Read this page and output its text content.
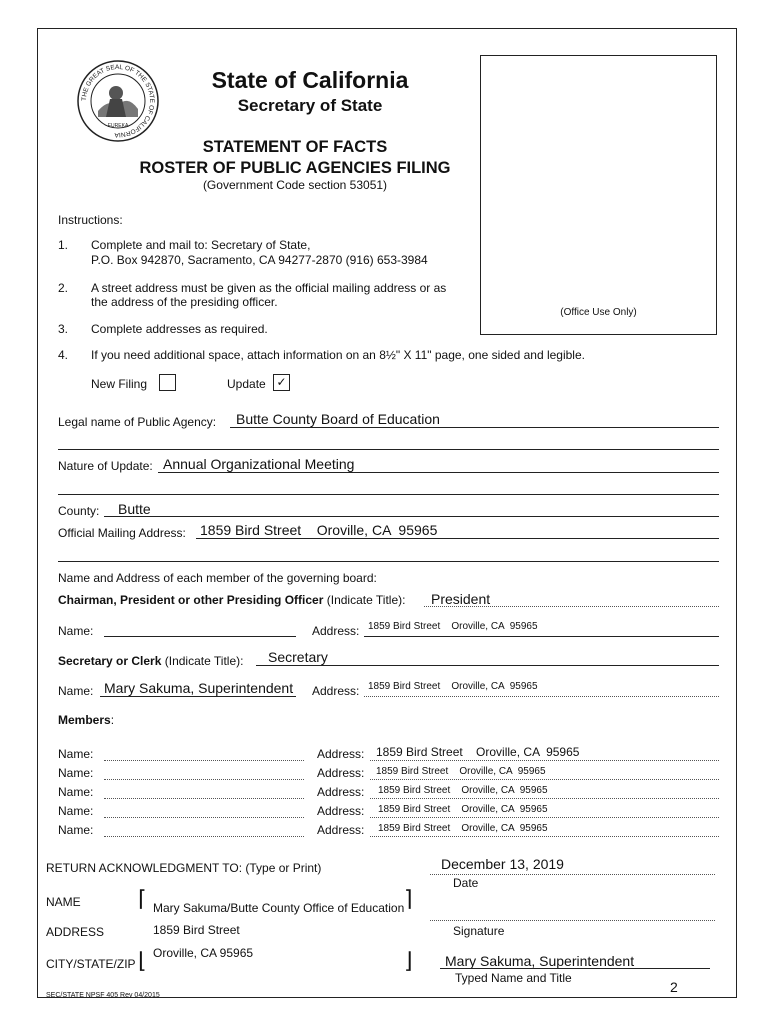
THE GREAT SEAL OF THE STATE OF CALIFORNIA
EUREKA
State of California
Secretary of State
STATEMENT OF FACTS
ROSTER OF PUBLIC AGENCIES FILING
(Government Code section 53051)
(Office Use Only)
Instructions:
1. Complete and mail to: Secretary of State,
P.O. Box 942870, Sacramento, CA 94277-2870 (916) 653-3984
2. A street address must be given as the official mailing address or as
the address of the presiding officer.
3. Complete addresses as required.
4. If you need additional space, attach information on an 8½" X 11" page, one sided and legible.
New Filing	Update ✓
Legal name of Public Agency: Butte County Board of Education
Nature of Update: Annual Organizational Meeting
County: Butte
Official Mailing Address: 1859 Bird Street    Oroville, CA  95965
Name and Address of each member of the governing board:
Chairman, President or other Presiding Officer (Indicate Title): President
Name:	Address: 1859 Bird Street    Oroville, CA  95965
Secretary or Clerk (Indicate Title): Secretary
Name: Mary Sakuma, Superintendent Address: 1859 Bird Street    Oroville, CA  95965
Members:
Name:	Address: 1859 Bird Street    Oroville, CA  95965
Name:	Address: 1859 Bird Street    Oroville, CA  95965
Name:	Address: 1859 Bird Street    Oroville, CA  95965
Name:	Address: 1859 Bird Street    Oroville, CA  95965
Name:	Address: 1859 Bird Street    Oroville, CA  95965
RETURN ACKNOWLEDGMENT TO: (Type or Print)
NAME	⌈ Mary Sakuma/Butte County Office of Education ⌉
ADDRESS	1859 Bird Street
CITY/STATE/ZIP ⌊ Oroville, CA 95965	⌋
December 13, 2019
Date
Signature
Mary Sakuma, Superintendent
Typed Name and Title
SEC/STATE NPSF 405 Rev 04/2015
2
